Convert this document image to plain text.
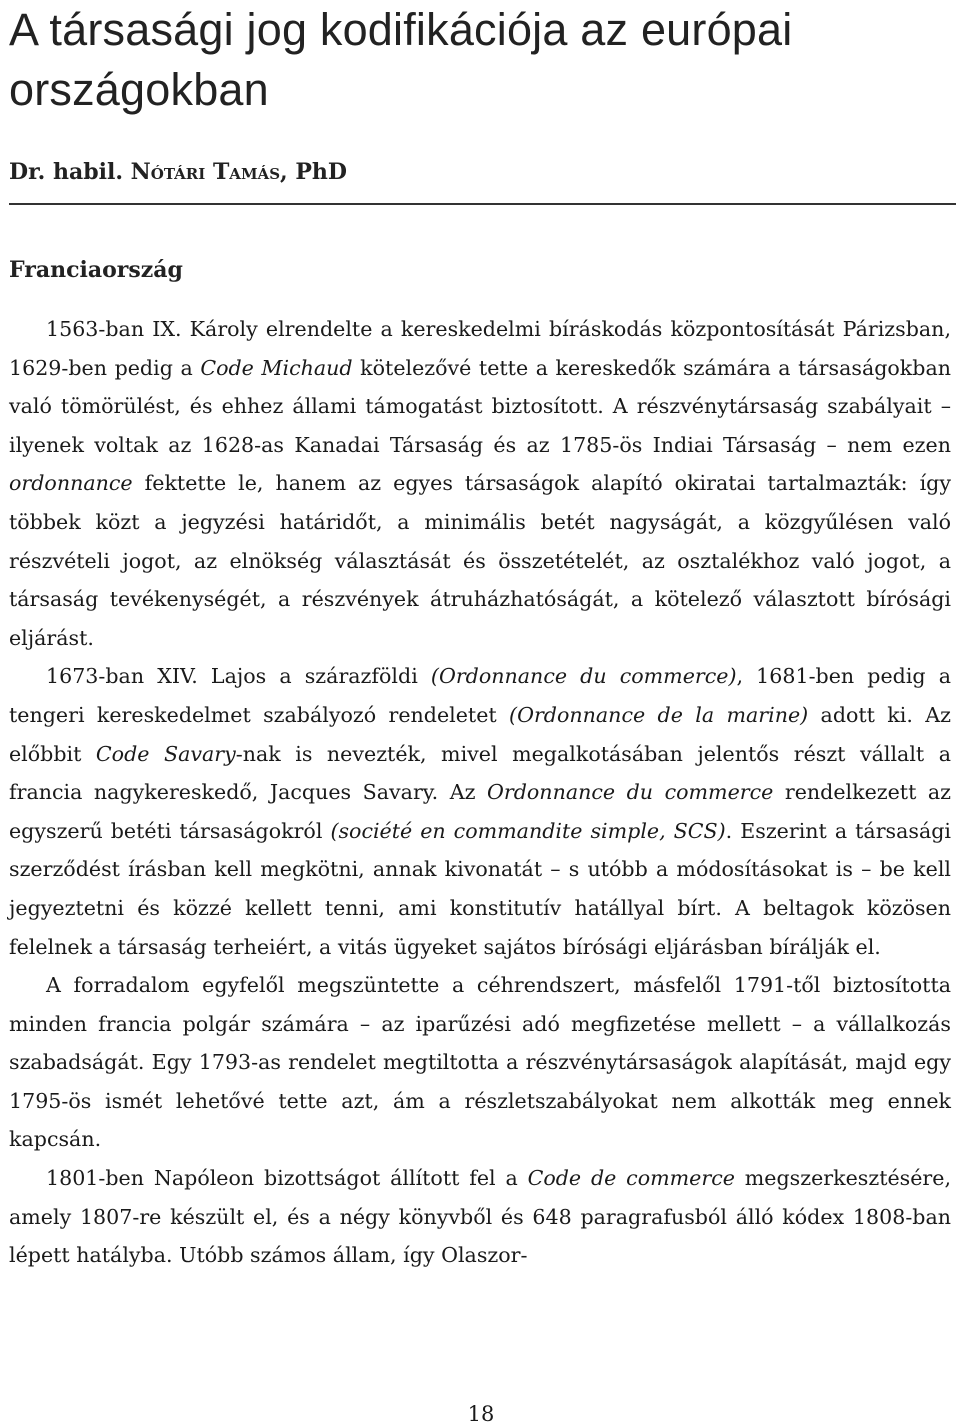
A társasági jog kodifikációja az európai országokban
Dr. habil. Nótári Tamás, PhD
Franciaország

1563-ban IX. Károly elrendelte a kereskedelmi bíráskodás központosítását Párizsban, 1629-ben pedig a Code Michaud kötelezővé tette a kereskedők számára a társaságokban való tömörülést, és ehhez állami támogatást biztosított. A részvénytársaság szabályait – ilyenek voltak az 1628-as Kanadai Társaság és az 1785-ös Indiai Társaság – nem ezen ordonnance fektette le, hanem az egyes társaságok alapító okiratai tartalmazták: így többek közt a jegyzési határidőt, a minimális betét nagyságát, a közgyűlésen való részvételi jogot, az elnökség választását és összetételét, az osztalékhoz való jogot, a társaság tevékenységét, a részvények átruházhatóságát, a kötelező választott bírósági eljárást.

1673-ban XIV. Lajos a szárazföldi (Ordonnance du commerce), 1681-ben pedig a tengeri kereskedelmet szabályozó rendeletet (Ordonnance de la marine) adott ki. Az előbbit Code Savary-nak is nevezték, mivel megalkotásában jelentős részt vállalt a francia nagykereskedő, Jacques Savary. Az Ordonnance du commerce rendelkezett az egyszerű betéti társaságokról (société en commandite simple, SCS). Eszerint a társasági szerződést írásban kell megkötni, annak kivonatát – s utóbb a módosításokat is – be kell jegyeztetni és közzé kellett tenni, ami konstitutív hatállyal bírt. A beltagok közösen felelnek a társaság terheiért, a vitás ügyeket sajátos bírósági eljárásban bírálják el.

A forradalom egyfelől megszüntette a céhrendszert, másfelől 1791-től biztosította minden francia polgár számára – az iparűzési adó megfizetése mellett – a vállalkozás szabadságát. Egy 1793-as rendelet megtiltotta a részvénytársaságok alapítását, majd egy 1795-ös ismét lehetővé tette azt, ám a részletszabályokat nem alkották meg ennek kapcsán.

1801-ben Napóleon bizottságot állított fel a Code de commerce megszerkesztésére, amely 1807-re készült el, és a négy könyvből és 648 paragrafusból álló kódex 1808-ban lépett hatályba. Utóbb számos állam, így Olaszor-

18
